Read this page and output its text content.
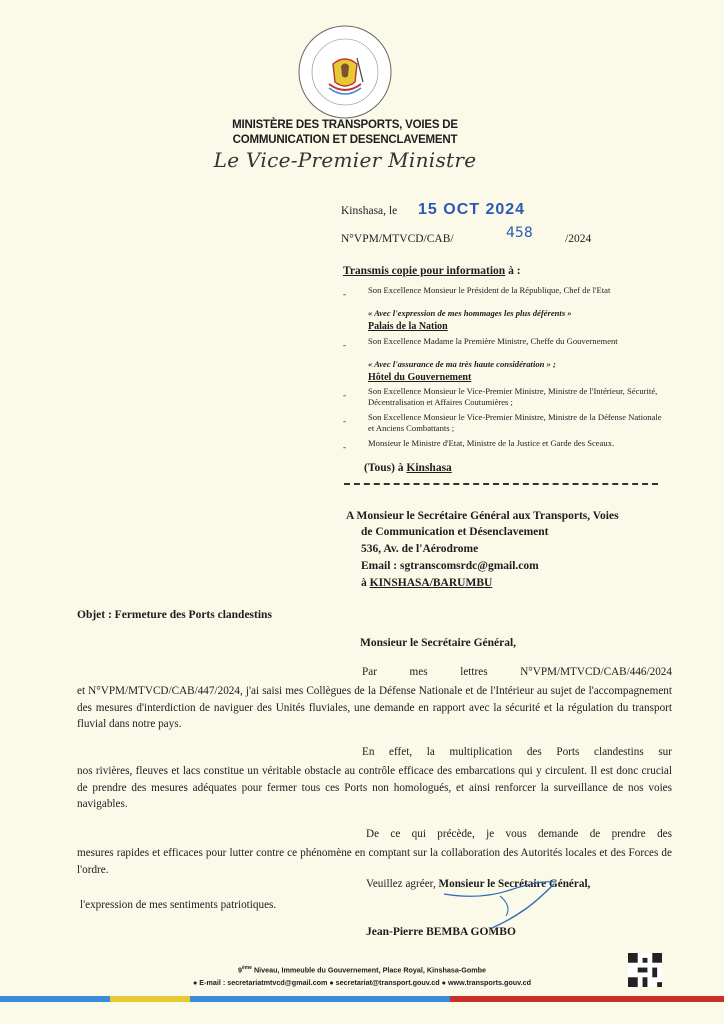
MINISTÈRE DES TRANSPORTS, VOIES DE
COMMUNICATION ET DESENCLAVEMENT
Le Vice-Premier Ministre
Kinshasa, le 15 OCT 2024
N°VPM/MTVCD/CAB/	458	/2024
Transmis copie pour information à :
-	Son Excellence Monsieur le Président de la République, Chef de l'Etat
« Avec l'expression de mes hommages les plus déférents »
Palais de la Nation
-	Son Excellence Madame la Première Ministre, Cheffe du Gouvernement
« Avec l'assurance de ma très haute considération » ;
Hôtel du Gouvernement
-	Son Excellence Monsieur le Vice-Premier Ministre, Ministre de l'Intérieur, Sécurité, Décentralisation et Affaires Coutumières ;
-	Son Excellence Monsieur le Vice-Premier Ministre, Ministre de la Défense Nationale et Anciens Combattants ;
-	Monsieur le Ministre d'Etat, Ministre de la Justice et Garde des Sceaux.
(Tous) à Kinshasa
A Monsieur le Secrétaire Général aux Transports, Voies
de Communication et Désenclavement
536, Av. de l'Aérodrome
Email : sgtranscomsrdc@gmail.com
à KINSHASA/BARUMBU
Objet : Fermeture des Ports clandestins
Monsieur le Secrétaire Général,
Par mes lettres N°VPM/MTVCD/CAB/446/2024
et N°VPM/MTVCD/CAB/447/2024, j'ai saisi mes Collègues de la Défense Nationale et de l'Intérieur au sujet de l'accompagnement des mesures d'interdiction de naviguer des Unités fluviales, une demande en rapport avec la sécurité et la régulation du transport fluvial dans notre pays.
En effet, la multiplication des Ports clandestins sur
nos rivières, fleuves et lacs constitue un véritable obstacle au contrôle efficace des embarcations qui y circulent. Il est donc crucial de prendre des mesures adéquates pour fermer tous ces Ports non homologués, et ainsi renforcer la surveillance de nos voies navigables.
De ce qui précède, je vous demande de prendre des
mesures rapides et efficaces pour lutter contre ce phénomène en comptant sur la collaboration des Autorités locales et des Forces de l'ordre.
Veuillez agréer, Monsieur le Secrétaire Général,
l'expression de mes sentiments patriotiques.
Jean-Pierre BEMBA GOMBO
9ème Niveau, Immeuble du Gouvernement, Place Royal, Kinshasa-Gombe
● E-mail : secretariatmtvcd@gmail.com ● secretariat@transport.gouv.cd ● www.transports.gouv.cd
